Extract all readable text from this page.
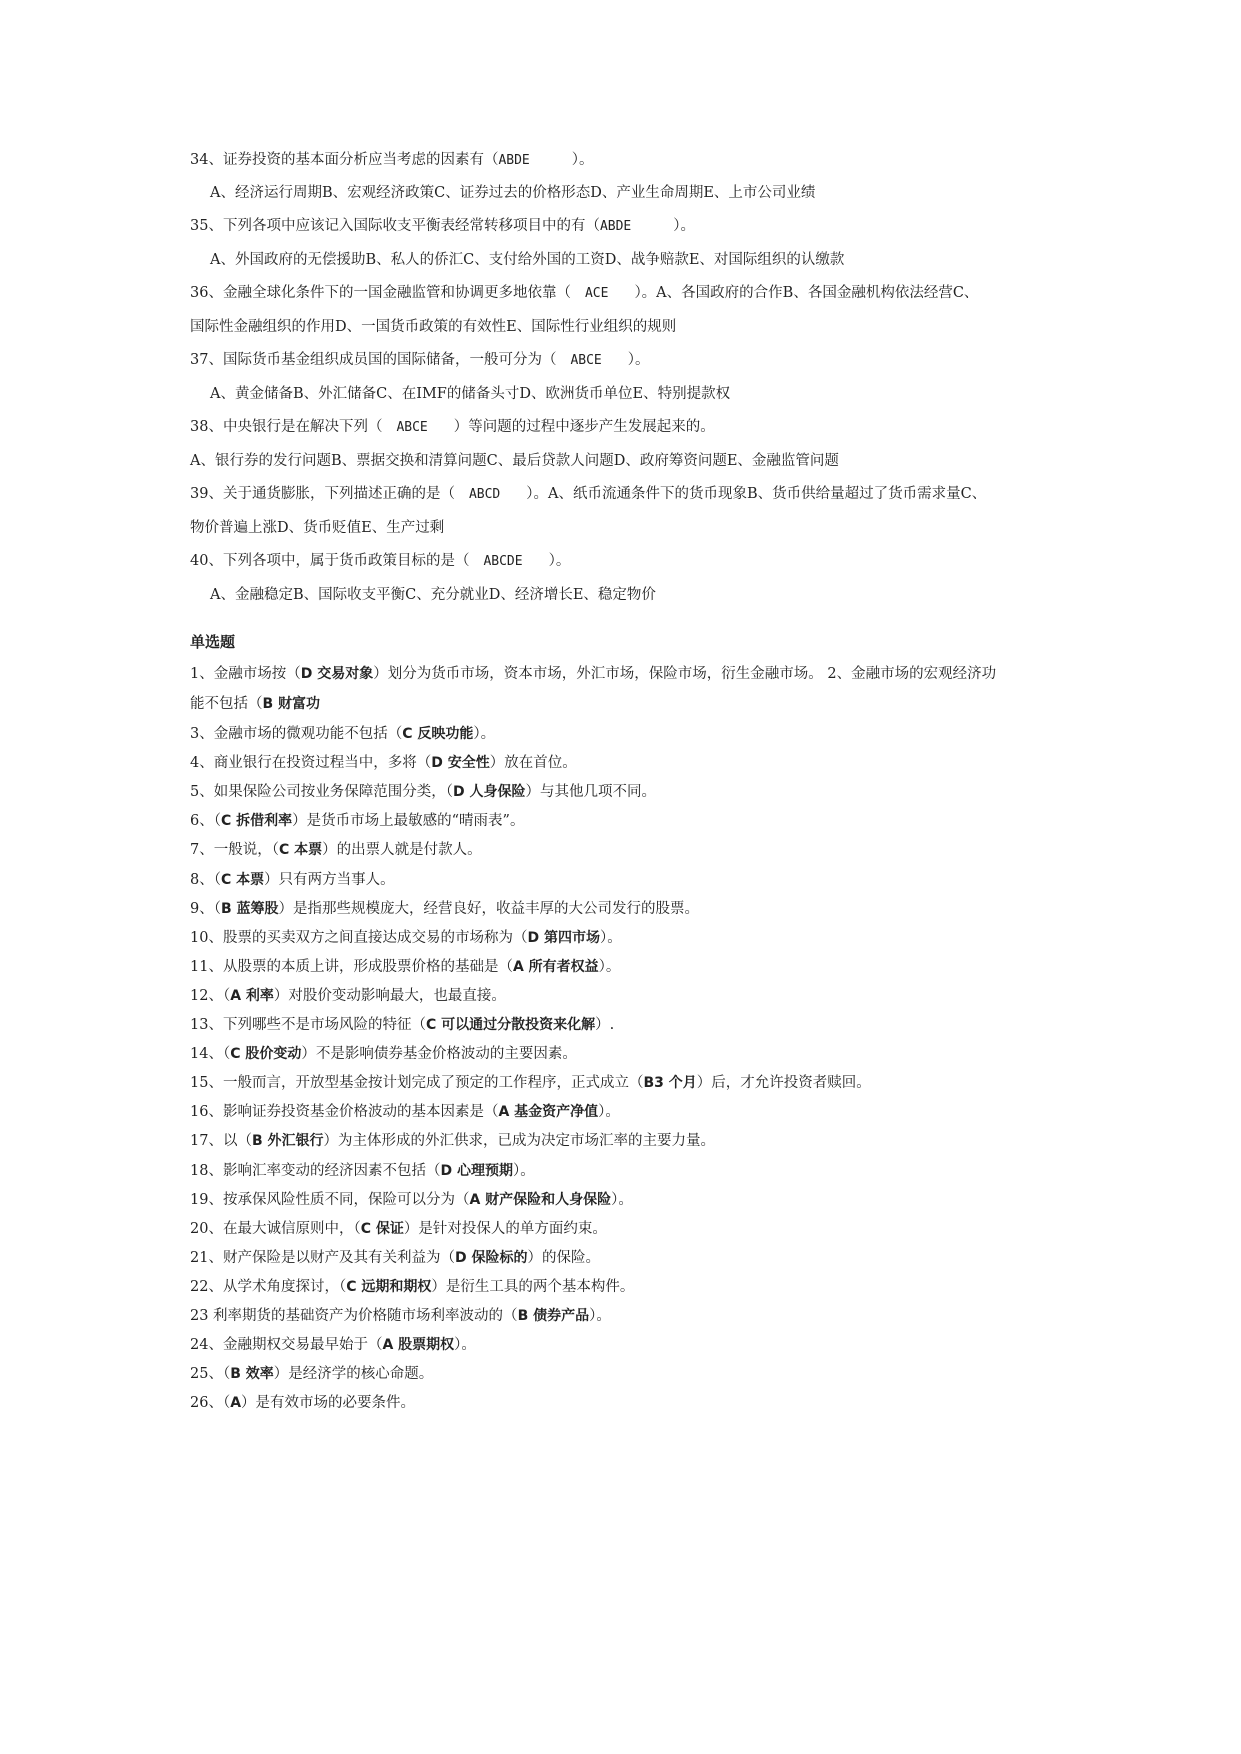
34、证券投资的基本面分析应当考虑的因素有（ABDE	）。
A、经济运行周期B、宏观经济政策C、证券过去的价格形态D、产业生命周期E、上市公司业绩
35、下列各项中应该记入国际收支平衡表经常转移项目中的有（ABDE	）。
A、外国政府的无偿援助B、私人的侨汇C、支付给外国的工资D、战争赔款E、对国际组织的认缴款
36、金融全球化条件下的一国金融监管和协调更多地依靠（ ACE ）。A、各国政府的合作B、各国金融机构依法经营C、
国际性金融组织的作用D、一国货币政策的有效性E、国际性行业组织的规则
37、国际货币基金组织成员国的国际储备，一般可分为（ ABCE ）。
A、黄金储备B、外汇储备C、在IMF的储备头寸D、欧洲货币单位E、特别提款权
38、中央银行是在解决下列（ ABCE ）等问题的过程中逐步产生发展起来的。
A、银行券的发行问题B、票据交换和清算问题C、最后贷款人问题D、政府筹资问题E、金融监管问题
39、关于通货膨胀，下列描述正确的是（ ABCD ）。A、纸币流通条件下的货币现象B、货币供给量超过了货币需求量C、
物价普遍上涨D、货币贬值E、生产过剩
40、下列各项中，属于货币政策目标的是（ ABCDE ）。
A、金融稳定B、国际收支平衡C、充分就业D、经济增长E、稳定物价
单选题
1、金融市场按（D 交易对象）划分为货币市场，资本市场，外汇市场，保险市场，衍生金融市场。 2、金融市场的宏观经济功
能不包括（B 财富功
3、金融市场的微观功能不包括（C 反映功能）。
4、商业银行在投资过程当中，多将（D 安全性）放在首位。
5、如果保险公司按业务保障范围分类，（D 人身保险）与其他几项不同。
6、（C 拆借利率）是货币市场上最敏感的“晴雨表”。
7、一般说，（C 本票）的出票人就是付款人。
8、（C 本票）只有两方当事人。
9、（B 蓝筹股）是指那些规模庞大，经营良好，收益丰厚的大公司发行的股票。
10、股票的买卖双方之间直接达成交易的市场称为（D 第四市场）。
11、从股票的本质上讲，形成股票价格的基础是（A 所有者权益）。
12、（A 利率）对股价变动影响最大，也最直接。
13、下列哪些不是市场风险的特征（C 可以通过分散投资来化解）.
14、（C 股价变动）不是影响债券基金价格波动的主要因素。
15、一般而言，开放型基金按计划完成了预定的工作程序，正式成立（B3 个月）后，才允许投资者赎回。
16、影响证券投资基金价格波动的基本因素是（A 基金资产净值）。
17、以（B 外汇银行）为主体形成的外汇供求，已成为决定市场汇率的主要力量。
18、影响汇率变动的经济因素不包括（D 心理预期）。
19、按承保风险性质不同，保险可以分为（A 财产保险和人身保险）。
20、在最大诚信原则中，（C 保证）是针对投保人的单方面约束。
21、财产保险是以财产及其有关利益为（D 保险标的）的保险。
22、从学术角度探讨，（C 远期和期权）是衍生工具的两个基本构件。
23 利率期货的基础资产为价格随市场利率波动的（B 债券产品）。
24、金融期权交易最早始于（A 股票期权）。
25、（B 效率）是经济学的核心命题。
26、（A）是有效市场的必要条件。
